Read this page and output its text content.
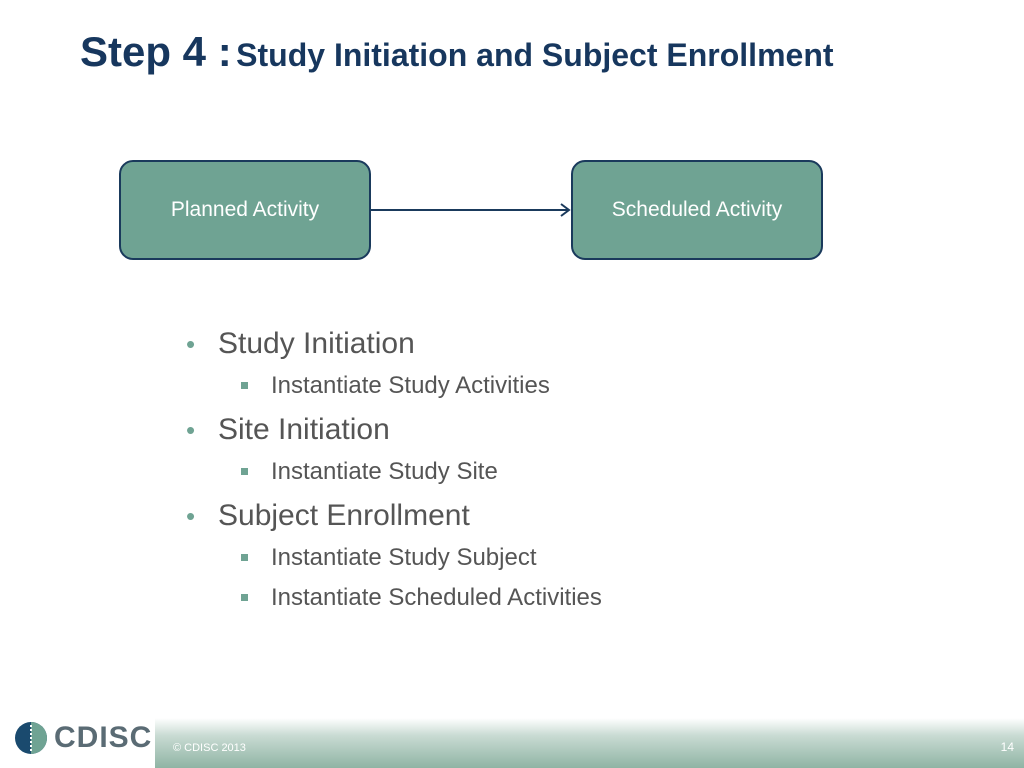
Step 4 : Study Initiation and Subject Enrollment
Planned Activity	Scheduled Activity
• Study Initiation
Instantiate Study Activities
• Site Initiation
Instantiate Study Site
• Subject Enrollment
Instantiate Study Subject
Instantiate Scheduled Activities
CDISC © CDISC 2013	14
